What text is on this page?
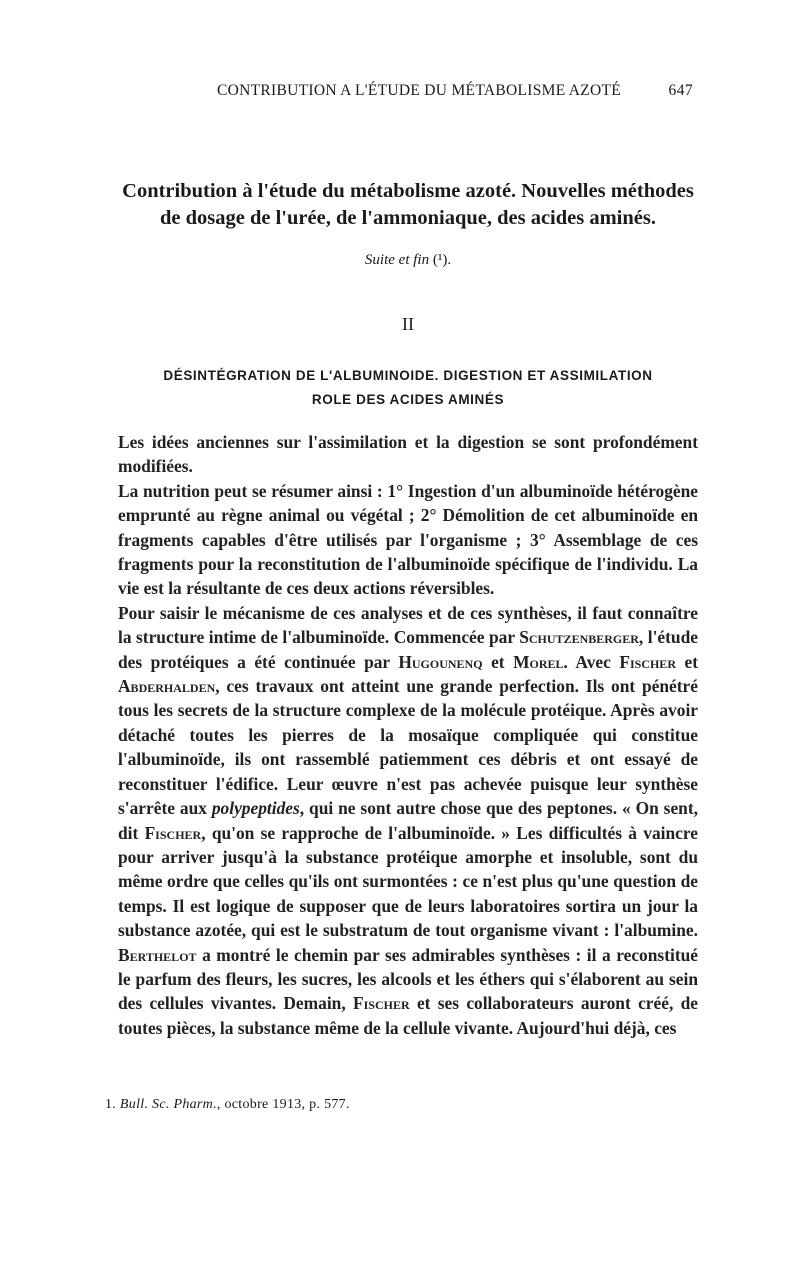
CONTRIBUTION A L'ÉTUDE DU MÉTABOLISME AZOTÉ	647
Contribution à l'étude du métabolisme azoté. Nouvelles méthodes
de dosage de l'urée, de l'ammoniaque, des acides aminés.
Suite et fin (¹).
II
DÉSINTÉGRATION DE L'ALBUMINOIDE. DIGESTION ET ASSIMILATION
ROLE DES ACIDES AMINÉS

Les idées anciennes sur l'assimilation et la digestion se sont profondément modifiées.

La nutrition peut se résumer ainsi : 1° Ingestion d'un albuminoïde hétérogène emprunté au règne animal ou végétal ; 2° Démolition de cet albuminoïde en fragments capables d'être utilisés par l'organisme ; 3° Assemblage de ces fragments pour la reconstitution de l'albuminoïde spécifique de l'individu. La vie est la résultante de ces deux actions réversibles.

Pour saisir le mécanisme de ces analyses et de ces synthèses, il faut connaître la structure intime de l'albuminoïde. Commencée par Schutzenberger, l'étude des protéiques a été continuée par Hugounenq et Morel. Avec Fischer et Abderhalden, ces travaux ont atteint une grande perfection. Ils ont pénétré tous les secrets de la structure complexe de la molécule protéique. Après avoir détaché toutes les pierres de la mosaïque compliquée qui constitue l'albuminoïde, ils ont rassemblé patiemment ces débris et ont essayé de reconstituer l'édifice. Leur œuvre n'est pas achevée puisque leur synthèse s'arrête aux polypeptides, qui ne sont autre chose que des peptones. « On sent, dit Fischer, qu'on se rapproche de l'albuminoïde. » Les difficultés à vaincre pour arriver jusqu'à la substance protéique amorphe et insoluble, sont du même ordre que celles qu'ils ont surmontées : ce n'est plus qu'une question de temps. Il est logique de supposer que de leurs laboratoires sortira un jour la substance azotée, qui est le substratum de tout organisme vivant : l'albumine. Berthelot a montré le chemin par ses admirables synthèses : il a reconstitué le parfum des fleurs, les sucres, les alcools et les éthers qui s'élaborent au sein des cellules vivantes. Demain, Fischer et ses collaborateurs auront créé, de toutes pièces, la substance même de la cellule vivante. Aujourd'hui déjà, ces

1. Bull. Sc. Pharm., octobre 1913, p. 577.
